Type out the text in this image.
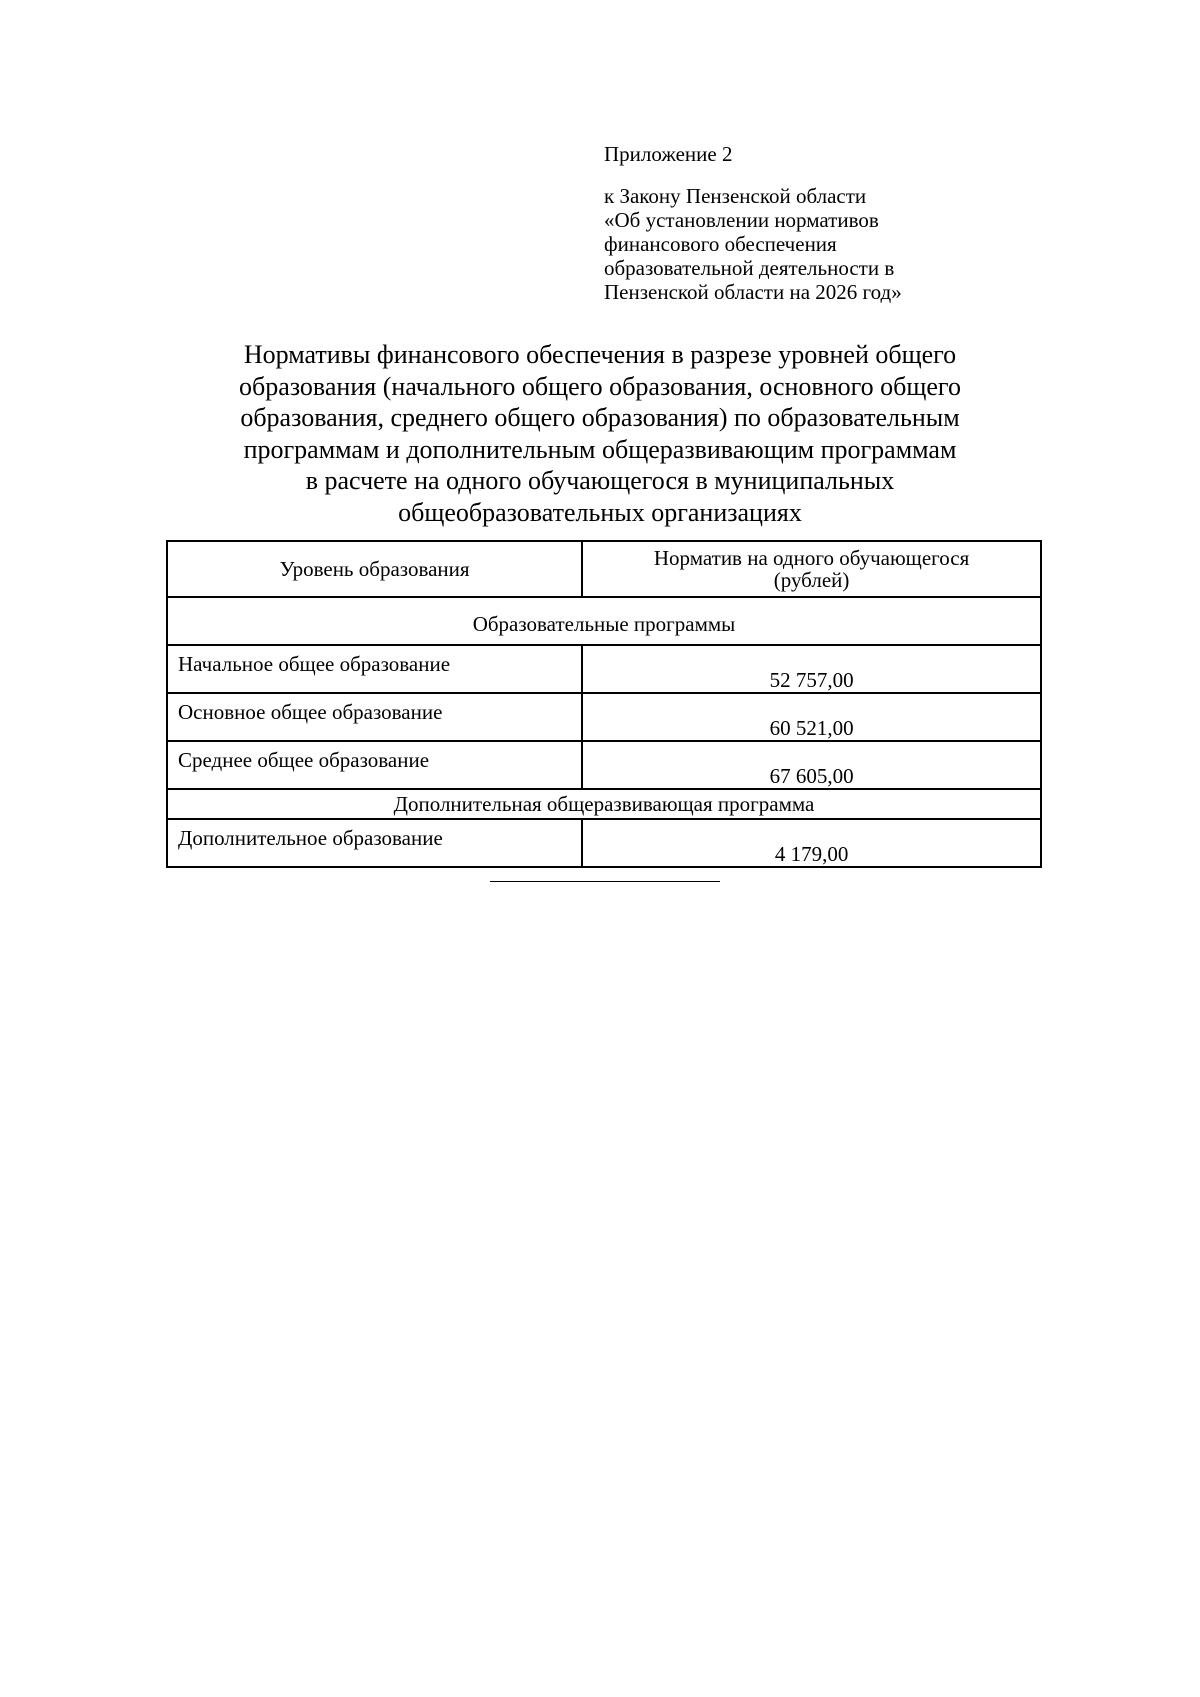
Приложение 2
к Закону Пензенской области
«Об установлении нормативов
финансового обеспечения
образовательной деятельности в
Пензенской области на 2026 год»
Нормативы финансового обеспечения в разрезе уровней общего
образования (начального общего образования, основного общего
образования, среднего общего образования) по образовательным
программам и дополнительным общеразвивающим программам
в расчете на одного обучающегося в муниципальных
общеобразовательных организациях
Уровень образования	Норматив на одного обучающегося
(рублей)

Образовательные программы	
Начальное общее образование	52 757,00
Основное общее образование	60 521,00
Среднее общее образование	67 605,00
Дополнительная общеразвивающая программа	
Дополнительное образование	4 179,00
